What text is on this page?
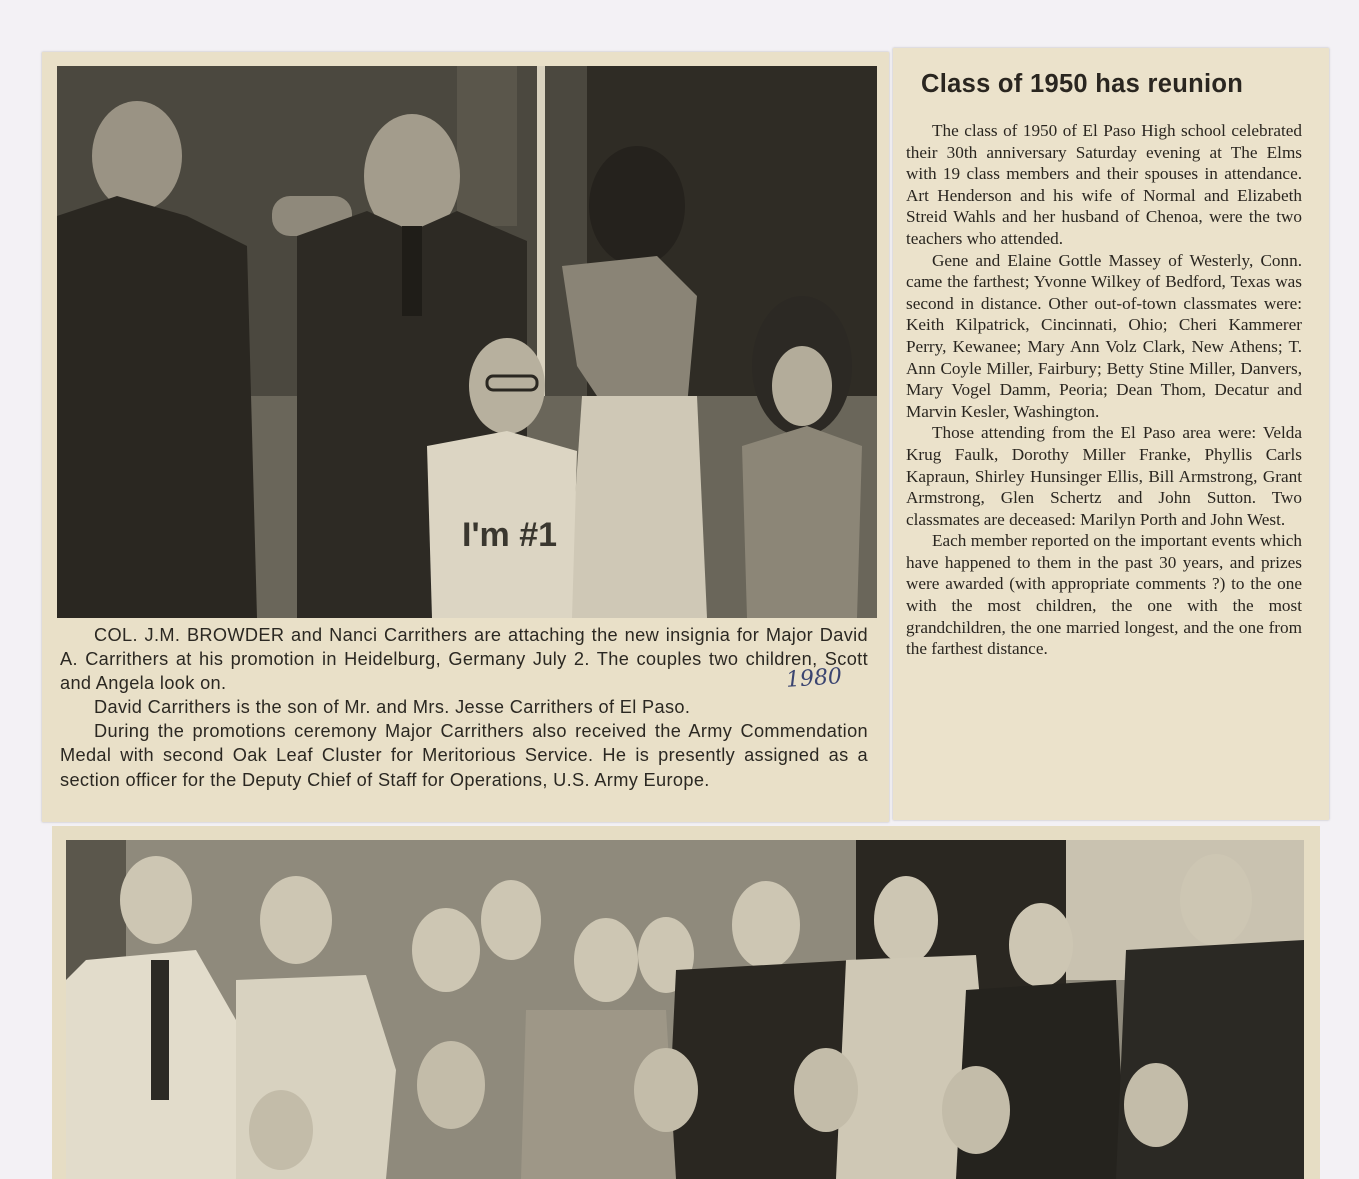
I'm #1

COL. J.M. BROWDER and Nanci Carrithers are attaching the new insignia for Major David A. Carrithers at his promotion in Heidelburg, Germany July 2. The couples two children, Scott and Angela look on.

David Carrithers is the son of Mr. and Mrs. Jesse Carrithers of El Paso.

During the promotions ceremony Major Carrithers also received the Army Commendation Medal with second Oak Leaf Cluster for Meritorious Service. He is presently assigned as a section officer for the Deputy Chief of Staff for Operations, U.S. Army Europe.

1980
Class of 1950 has reunion

The class of 1950 of El Paso High school celebrated their 30th anniversary Saturday evening at The Elms with 19 class members and their spouses in attendance. Art Henderson and his wife of Normal and Elizabeth Streid Wahls and her husband of Chenoa, were the two teachers who attended.

Gene and Elaine Gottle Massey of Westerly, Conn. came the farthest; Yvonne Wilkey of Bedford, Texas was second in distance. Other out-of-town classmates were: Keith Kilpatrick, Cincinnati, Ohio; Cheri Kammerer Perry, Kewanee; Mary Ann Volz Clark, New Athens; T. Ann Coyle Miller, Fairbury; Betty Stine Miller, Danvers, Mary Vogel Damm, Peoria; Dean Thom, Decatur and Marvin Kesler, Washington.

Those attending from the El Paso area were: Velda Krug Faulk, Dorothy Miller Franke, Phyllis Carls Kapraun, Shirley Hunsinger Ellis, Bill Armstrong, Grant Armstrong, Glen Schertz and John Sutton. Two classmates are deceased: Marilyn Porth and John West.

Each member reported on the important events which have happened to them in the past 30 years, and prizes were awarded (with appropriate comments ?) to the one with the most children, the one with the most grandchildren, the one married longest, and the one from the farthest distance.
